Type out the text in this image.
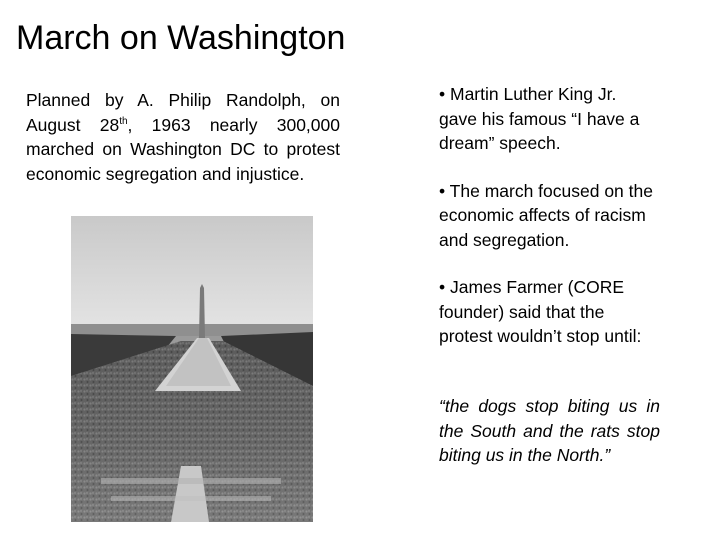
March on Washington

Planned by A. Philip Randolph, on August 28th, 1963 nearly 300,000 marched on Washington DC to protest economic segregation and injustice.

• Martin Luther King Jr. gave his famous “I have a dream” speech.

• The march focused on the economic affects of racism and segregation.

• James Farmer (CORE founder) said that the protest wouldn’t stop until:

“the dogs stop biting us in the South and the rats stop biting us in the North.”
